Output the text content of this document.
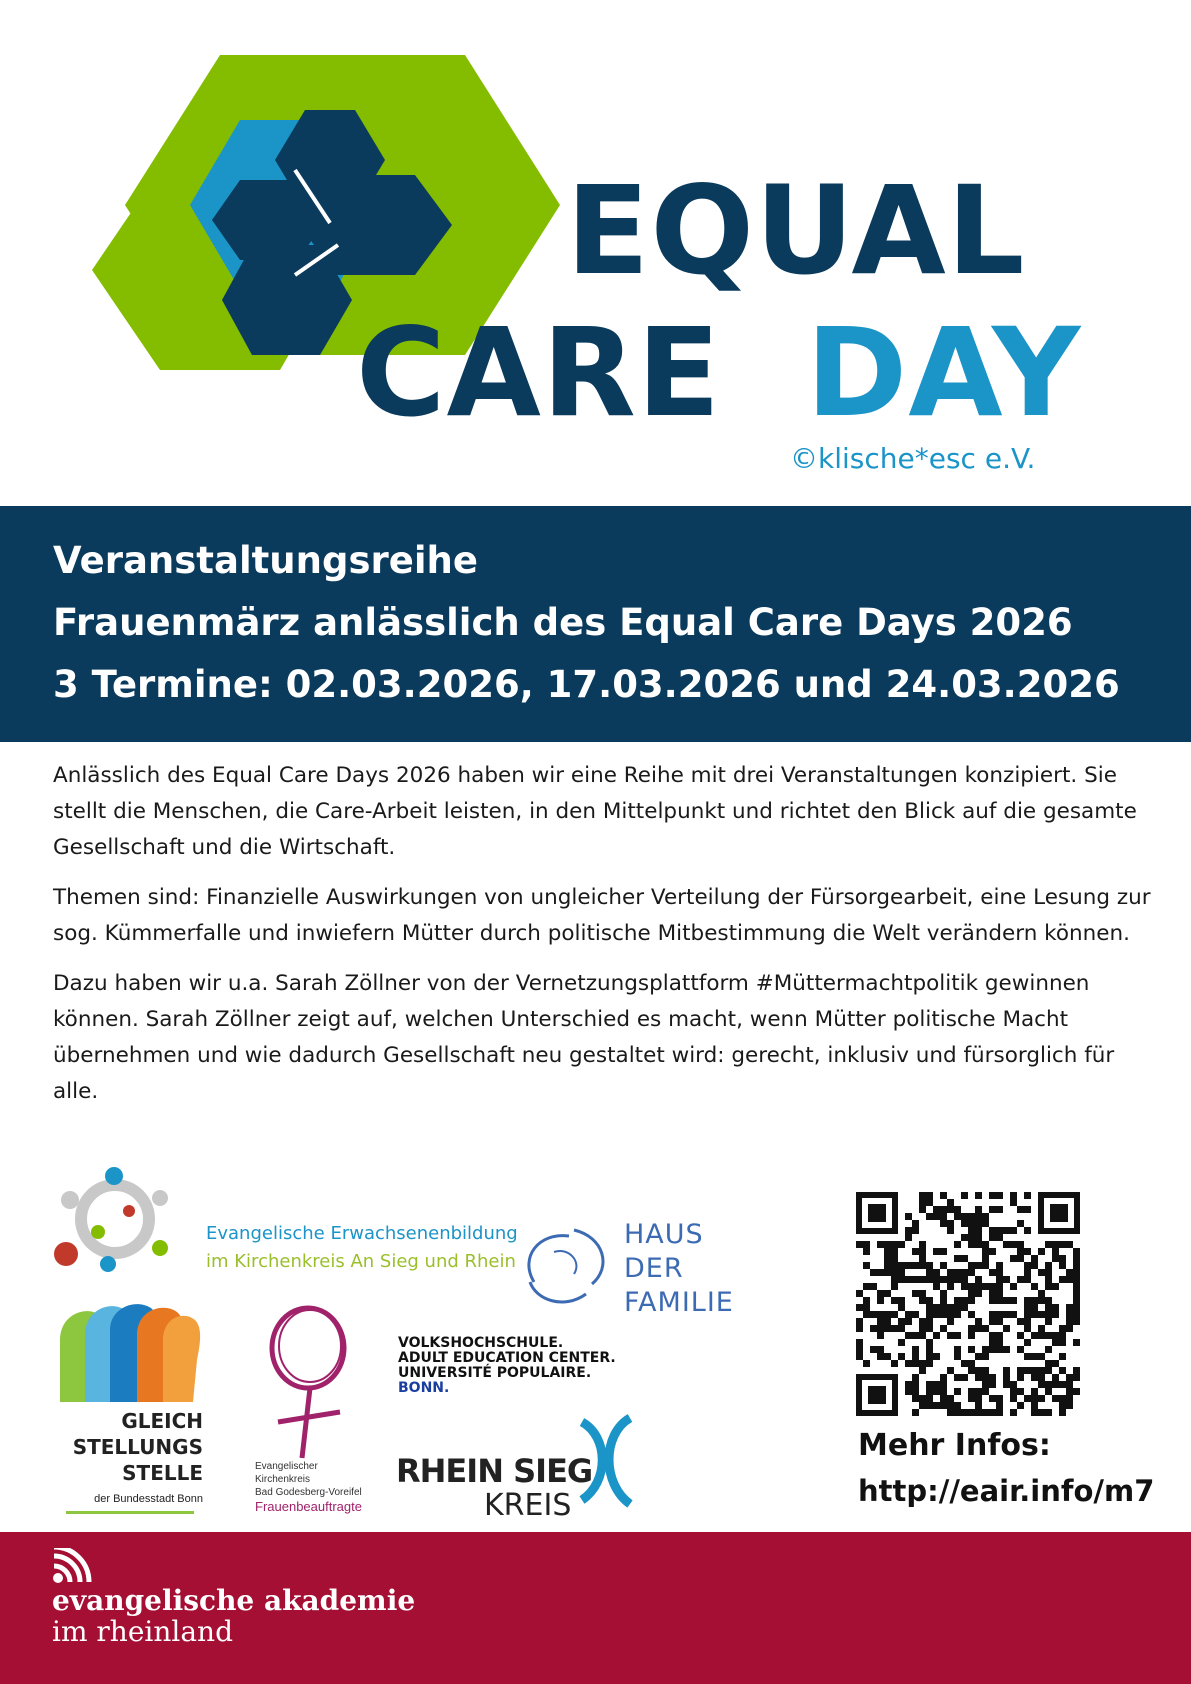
EQUAL
CARE DAY
©klische*esc e.V.
Veranstaltungsreihe
Frauenmärz anlässlich des Equal Care Days 2026
3 Termine: 02.03.2026, 17.03.2026 und 24.03.2026

Anlässlich des Equal Care Days 2026 haben wir eine Reihe mit drei Veranstaltungen konzipiert. Sie stellt die Menschen, die Care-Arbeit leisten, in den Mittelpunkt und richtet den Blick auf die gesamte Gesellschaft und die Wirtschaft.

Themen sind: Finanzielle Auswirkungen von ungleicher Verteilung der Fürsorgearbeit, eine Lesung zur sog. Kümmerfalle und inwiefern Mütter durch politische Mitbestimmung die Welt verändern können.

Dazu haben wir u.a. Sarah Zöllner von der Vernetzungsplattform #Müttermachtpolitik gewinnen können. Sarah Zöllner zeigt auf, welchen Unterschied es macht, wenn Mütter politische Macht übernehmen und wie dadurch Gesellschaft neu gestaltet wird: gerecht, inklusiv und fürsorglich für alle.

Evangelische Erwachsenenbildung
im Kirchenkreis An Sieg und Rhein
HAUS
DER
FAMILIE
GLEICH
STELLUNGS
STELLE
der Bundesstadt Bonn
Evangelischer
Kirchenkreis
Bad Godesberg-Voreifel
Frauenbeauftragte
VOLKSHOCHSCHULE.
ADULT EDUCATION CENTER.
UNIVERSITÉ POPULAIRE.
BONN.
RHEIN SIEG
KREIS
Mehr Infos:
http://eair.info/m7
evangelische akademie
im rheinland
